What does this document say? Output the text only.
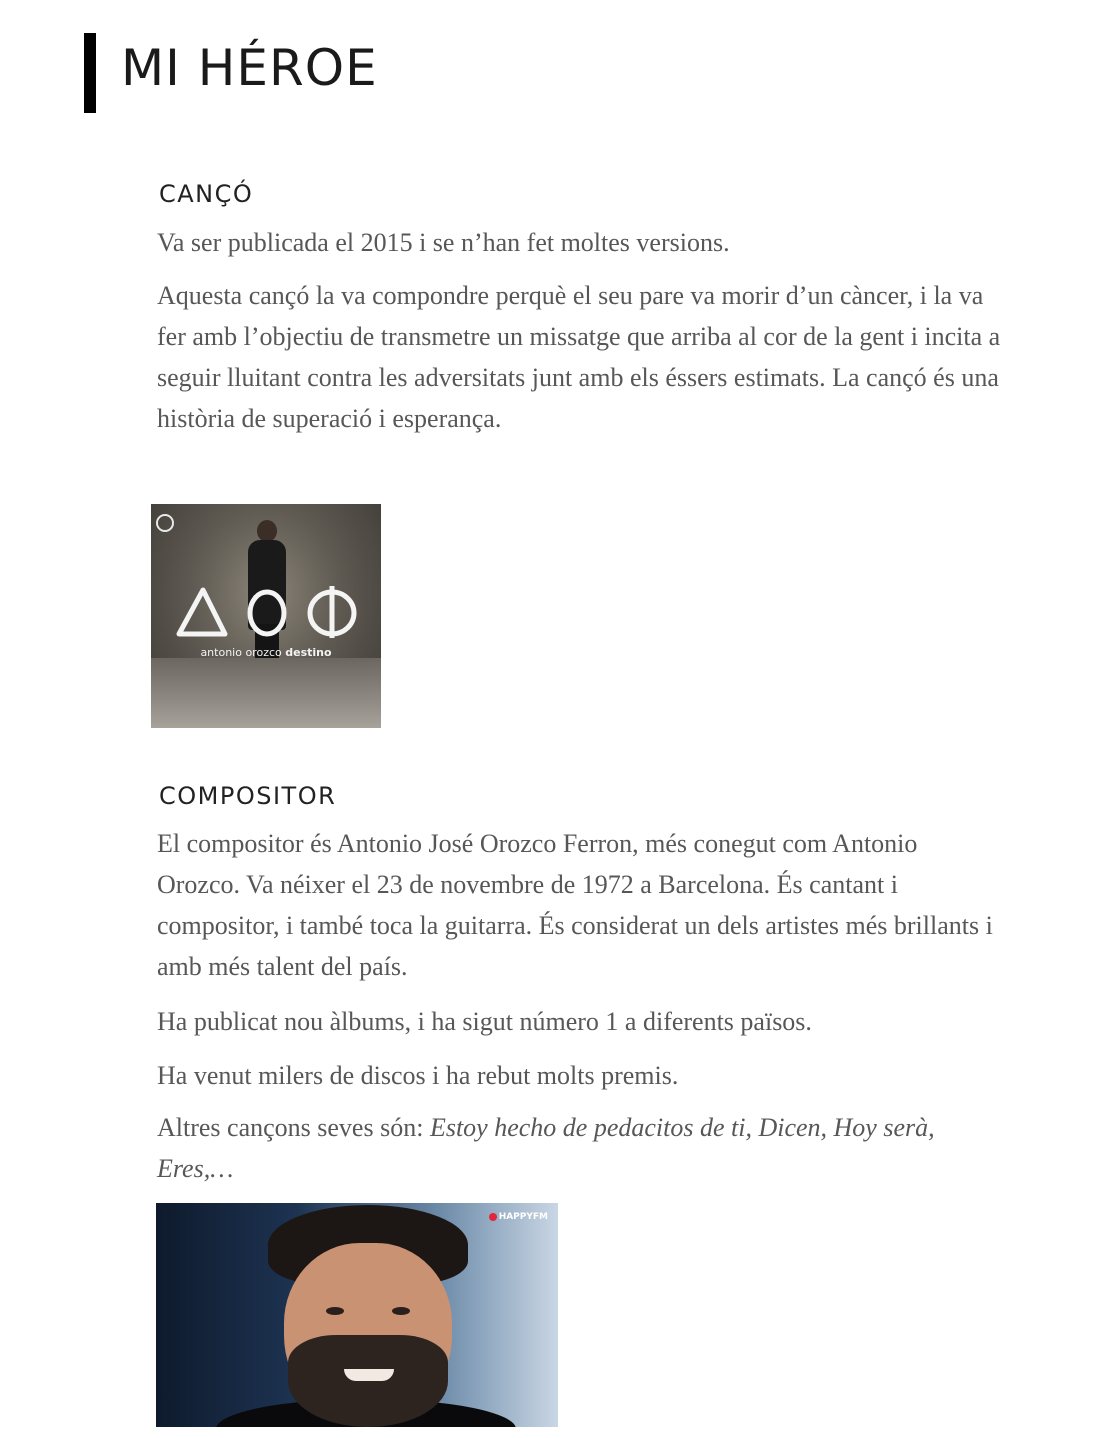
MI HÉROE
CANÇÓ

Va ser publicada el 2015 i se n’han fet moltes versions.

Aquesta cançó la va compondre perquè el seu pare va morir d’un càncer, i la va fer amb l’objectiu de transmetre un missatge que arriba al cor de la gent i incita a seguir lluitant contra les adversitats junt amb els éssers estimats. La cançó és una història de superació i esperança.

antonio orozco destino
COMPOSITOR

El compositor és Antonio José Orozco Ferron, més conegut com Antonio Orozco. Va néixer el 23 de novembre de 1972 a Barcelona. És cantant i compositor, i també toca la guitarra. És considerat un dels artistes més brillants i amb més talent del país.

Ha publicat nou àlbums, i ha sigut número 1 a diferents països.

Ha venut milers de discos i ha rebut molts premis.

Altres cançons seves són: Estoy hecho de pedacitos de ti, Dicen, Hoy serà, Eres,…

HAPPYFM
